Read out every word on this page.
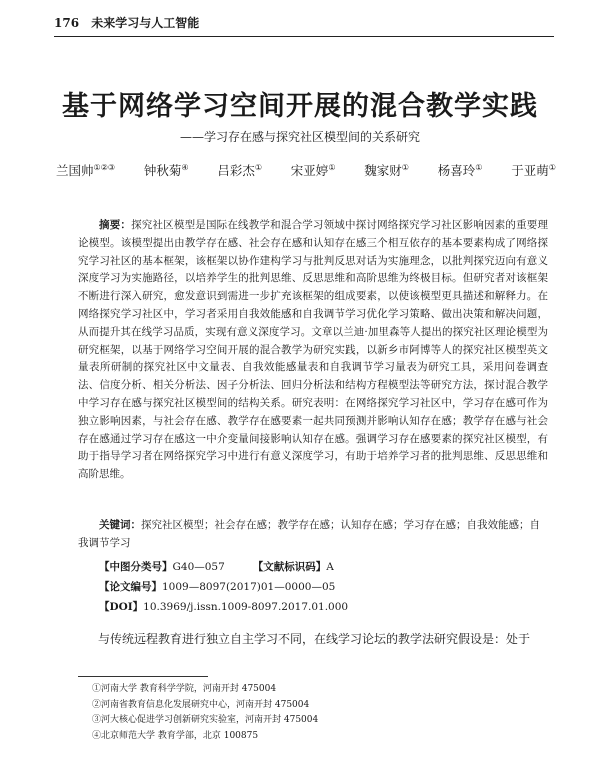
176 未来学习与人工智能
基于网络学习空间开展的混合教学实践
——学习存在感与探究社区模型间的关系研究
兰国帅①②③ 钟秋菊④ 吕彩杰① 宋亚婷① 魏家财① 杨喜玲① 于亚萌①
摘要：探究社区模型是国际在线教学和混合学习领域中探讨网络探究学习社区影响因素的重要理论模型。该模型提出由教学存在感、社会存在感和认知存在感三个相互依存的基本要素构成了网络探究学习社区的基本框架，该框架以协作建构学习与批判反思对话为实施理念，以批判探究迈向有意义深度学习为实施路径，以培养学生的批判思维、反思思维和高阶思维为终极目标。但研究者对该框架不断进行深入研究，愈发意识到需进一步扩充该框架的组成要素，以使该模型更具描述和解释力。在网络探究学习社区中，学习者采用自我效能感和自我调节学习优化学习策略、做出决策和解决问题，从而提升其在线学习品质，实现有意义深度学习。文章以兰迪·加里森等人提出的探究社区理论模型为研究框架，以基于网络学习空间开展的混合教学为研究实践，以新乡市阿博等人的探究社区模型英文量表所研制的探究社区中文量表、自我效能感量表和自我调节学习量表为研究工具，采用问卷调查法、信度分析、相关分析法、因子分析法、回归分析法和结构方程模型法等研究方法，探讨混合教学中学习存在感与探究社区模型间的结构关系。研究表明：在网络探究学习社区中，学习存在感可作为独立影响因素，与社会存在感、教学存在感要素一起共同预测并影响认知存在感；教学存在感与社会存在感通过学习存在感这一中介变量间接影响认知存在感。强调学习存在感要素的探究社区模型，有助于指导学习者在网络探究学习中进行有意义深度学习，有助于培养学习者的批判思维、反思思维和高阶思维。
关键词：探究社区模型；社会存在感；教学存在感；认知存在感；学习存在感；自我效能感；自我调节学习
【中图分类号】G40—057	【文献标识码】A
【论文编号】1009—8097(2017)01—0000—05
【DOI】10.3969/j.issn.1009-8097.2017.01.000
与传统远程教育进行独立自主学习不同，在线学习论坛的教学法研究假设是：处于
①河南大学 教育科学学院，河南开封 475004
②河南省教育信息化发展研究中心，河南开封 475004
③河大核心促进学习创新研究实验室，河南开封 475004
④北京师范大学 教育学部，北京 100875
